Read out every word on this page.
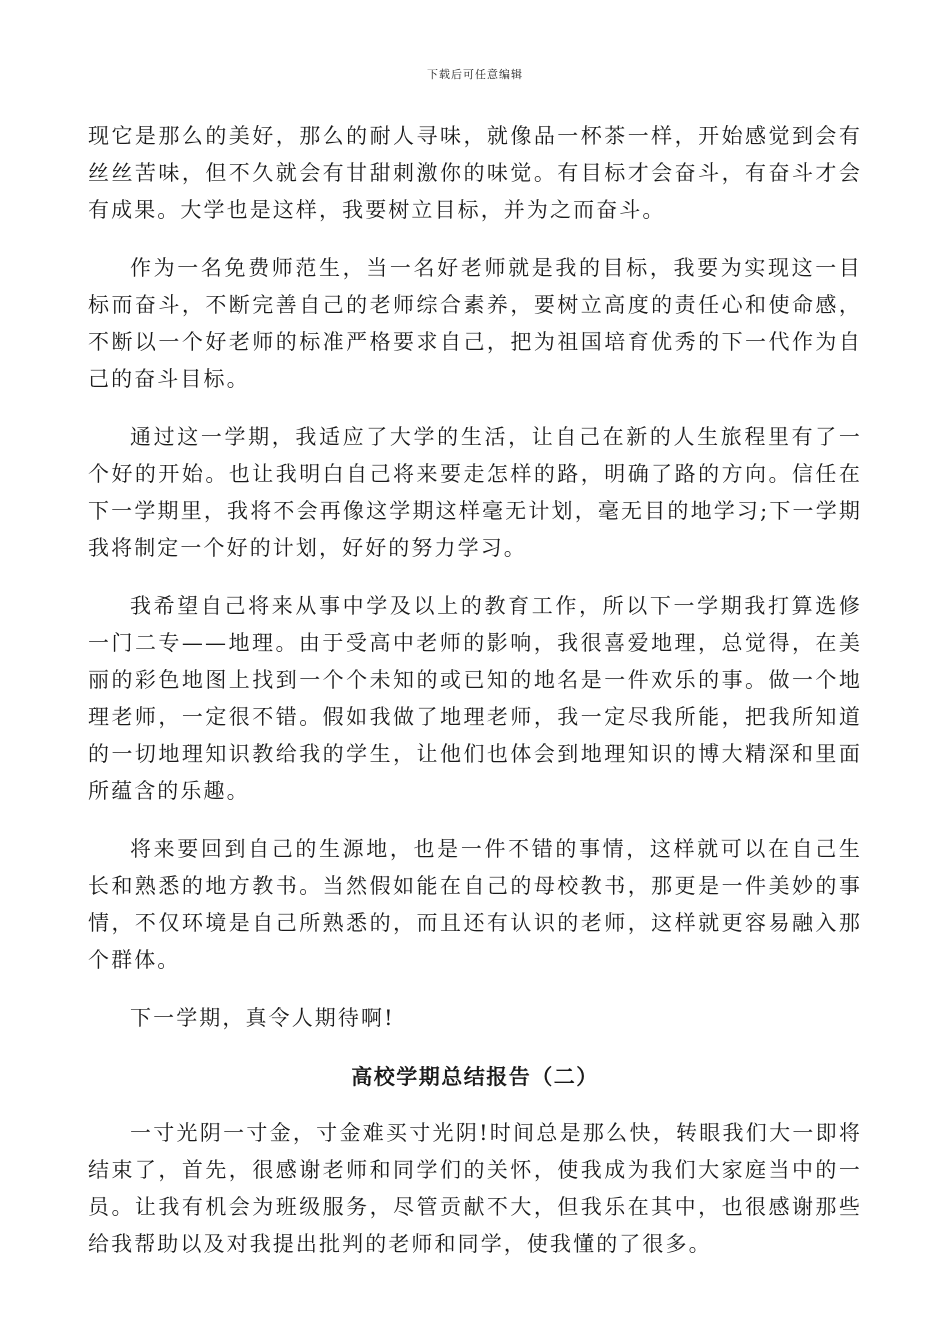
下载后可任意编辑

现它是那么的美好，那么的耐人寻味，就像品一杯茶一样，开始感觉到会有丝丝苦味，但不久就会有甘甜刺激你的味觉。有目标才会奋斗，有奋斗才会有成果。大学也是这样，我要树立目标，并为之而奋斗。

作为一名免费师范生，当一名好老师就是我的目标，我要为实现这一目标而奋斗，不断完善自己的老师综合素养，要树立高度的责任心和使命感，不断以一个好老师的标准严格要求自己，把为祖国培育优秀的下一代作为自己的奋斗目标。

通过这一学期，我适应了大学的生活，让自己在新的人生旅程里有了一个好的开始。也让我明白自己将来要走怎样的路，明确了路的方向。信任在下一学期里，我将不会再像这学期这样毫无计划，毫无目的地学习;下一学期我将制定一个好的计划，好好的努力学习。

我希望自己将来从事中学及以上的教育工作，所以下一学期我打算选修一门二专——地理。由于受高中老师的影响，我很喜爱地理，总觉得，在美丽的彩色地图上找到一个个未知的或已知的地名是一件欢乐的事。做一个地理老师，一定很不错。假如我做了地理老师，我一定尽我所能，把我所知道的一切地理知识教给我的学生，让他们也体会到地理知识的博大精深和里面所蕴含的乐趣。

将来要回到自己的生源地，也是一件不错的事情，这样就可以在自己生长和熟悉的地方教书。当然假如能在自己的母校教书，那更是一件美妙的事情，不仅环境是自己所熟悉的，而且还有认识的老师，这样就更容易融入那个群体。

下一学期，真令人期待啊!

高校学期总结报告（二）

一寸光阴一寸金，寸金难买寸光阴!时间总是那么快，转眼我们大一即将结束了，首先，很感谢老师和同学们的关怀，使我成为我们大家庭当中的一员。让我有机会为班级服务，尽管贡献不大，但我乐在其中，也很感谢那些给我帮助以及对我提出批判的老师和同学，使我懂的了很多。
